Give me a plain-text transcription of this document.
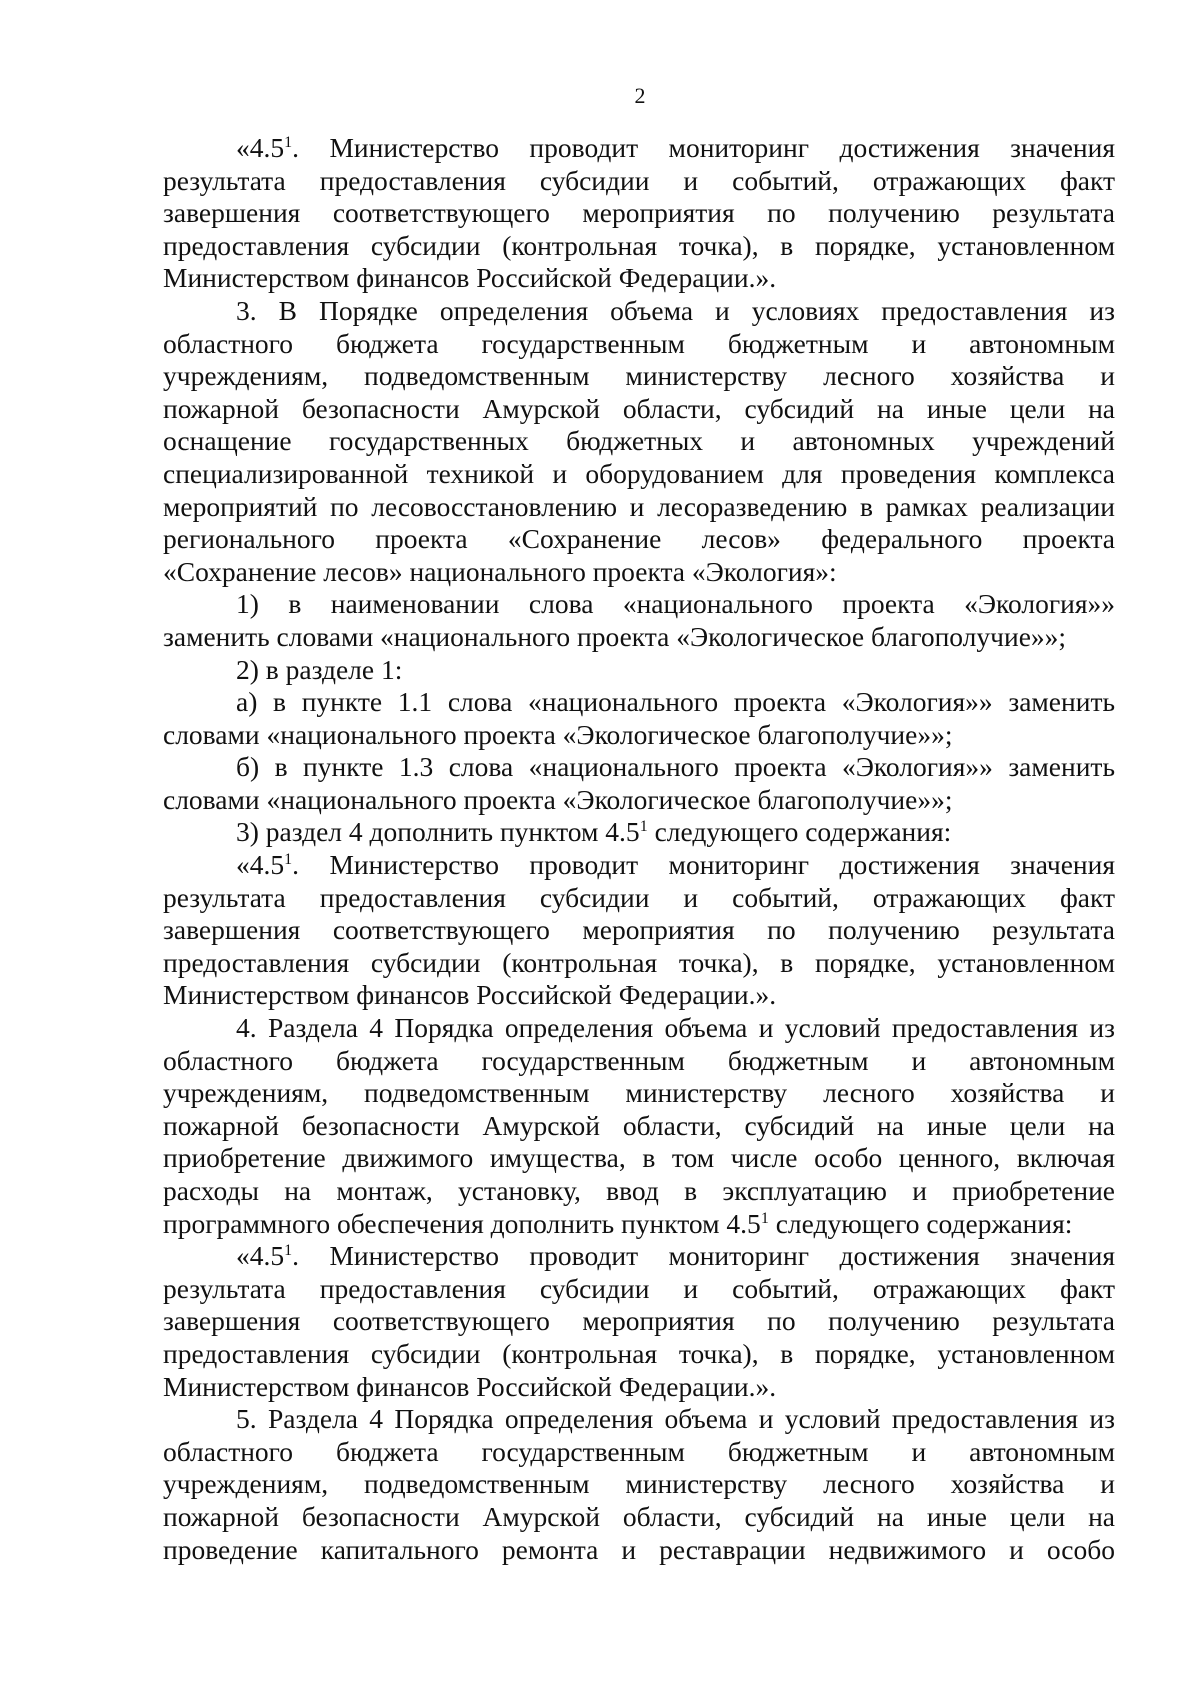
2

«$4.5^1$. Министерство проводит мониторинг достижения значения
результата предоставления субсидии и событий, отражающих факт
завершения соответствующего мероприятия по получению результата
предоставления субсидии (контрольная точка), в порядке, установленном
Министерством финансов Российской Федерации.».

3. В Порядке определения объема и условиях предоставления из
областного бюджета государственным бюджетным и автономным
учреждениям, подведомственным министерству лесного хозяйства и
пожарной безопасности Амурской области, субсидий на иные цели на
оснащение государственных бюджетных и автономных учреждений
специализированной техникой и оборудованием для проведения комплекса
мероприятий по лесовосстановлению и лесоразведению в рамках реализации
регионального проекта «Сохранение лесов» федерального проекта
«Сохранение лесов» национального проекта «Экология»:

1) в наименовании слова «национального проекта «Экология»»
заменить словами «национального проекта «Экологическое благополучие»»;

2) в разделе 1:

а) в пункте 1.1 слова «национального проекта «Экология»» заменить
словами «национального проекта «Экологическое благополучие»»;

б) в пункте 1.3 слова «национального проекта «Экология»» заменить
словами «национального проекта «Экологическое благополучие»»;

3) раздел 4 дополнить пунктом $4.5^1$ следующего содержания:

«$4.5^1$. Министерство проводит мониторинг достижения значения
результата предоставления субсидии и событий, отражающих факт
завершения соответствующего мероприятия по получению результата
предоставления субсидии (контрольная точка), в порядке, установленном
Министерством финансов Российской Федерации.».

4. Раздела 4 Порядка определения объема и условий предоставления из
областного бюджета государственным бюджетным и автономным
учреждениям, подведомственным министерству лесного хозяйства и
пожарной безопасности Амурской области, субсидий на иные цели на
приобретение движимого имущества, в том числе особо ценного, включая
расходы на монтаж, установку, ввод в эксплуатацию и приобретение
программного обеспечения дополнить пунктом $4.5^1$ следующего содержания:

«$4.5^1$. Министерство проводит мониторинг достижения значения
результата предоставления субсидии и событий, отражающих факт
завершения соответствующего мероприятия по получению результата
предоставления субсидии (контрольная точка), в порядке, установленном
Министерством финансов Российской Федерации.».

5. Раздела 4 Порядка определения объема и условий предоставления из
областного бюджета государственным бюджетным и автономным
учреждениям, подведомственным министерству лесного хозяйства и
пожарной безопасности Амурской области, субсидий на иные цели на
проведение капитального ремонта и реставрации недвижимого и особо
